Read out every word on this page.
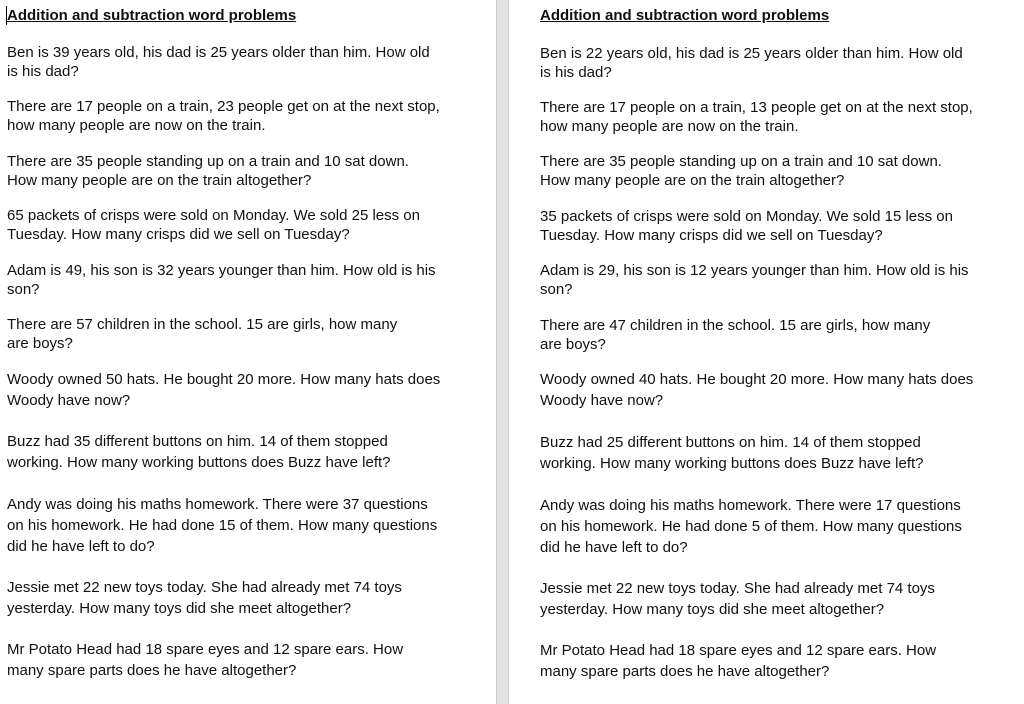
Addition and subtraction word problems

Ben is 39 years old, his dad is 25 years older than him. How old
is his dad?

There are 17 people on a train, 23 people get on at the next stop,
how many people are now on the train.

There are 35 people standing up on a train and 10 sat down.
How many people are on the train altogether?

65 packets of crisps were sold on Monday. We sold 25 less on
Tuesday. How many crisps did we sell on Tuesday?

Adam is 49, his son is 32 years younger than him. How old is his
son?

There are 57 children in the school. 15 are girls, how many
are boys?

Woody owned 50 hats. He bought 20 more. How many hats does
Woody have now?

Buzz had 35 different buttons on him. 14 of them stopped
working. How many working buttons does Buzz have left?

Andy was doing his maths homework. There were 37 questions
on his homework. He had done 15 of them. How many questions
did he have left to do?

Jessie met 22 new toys today. She had already met 74 toys
yesterday. How many toys did she meet altogether?

Mr Potato Head had 18 spare eyes and 12 spare ears. How
many spare parts does he have altogether?

Addition and subtraction word problems

Ben is 22 years old, his dad is 25 years older than him. How old
is his dad?

There are 17 people on a train, 13 people get on at the next stop,
how many people are now on the train.

There are 35 people standing up on a train and 10 sat down.
How many people are on the train altogether?

35 packets of crisps were sold on Monday. We sold 15 less on
Tuesday. How many crisps did we sell on Tuesday?

Adam is 29, his son is 12 years younger than him. How old is his
son?

There are 47 children in the school. 15 are girls, how many
are boys?

Woody owned 40 hats. He bought 20 more. How many hats does
Woody have now?

Buzz had 25 different buttons on him. 14 of them stopped
working. How many working buttons does Buzz have left?

Andy was doing his maths homework. There were 17 questions
on his homework. He had done 5 of them. How many questions
did he have left to do?

Jessie met 22 new toys today. She had already met 74 toys
yesterday. How many toys did she meet altogether?

Mr Potato Head had 18 spare eyes and 12 spare ears. How
many spare parts does he have altogether?
